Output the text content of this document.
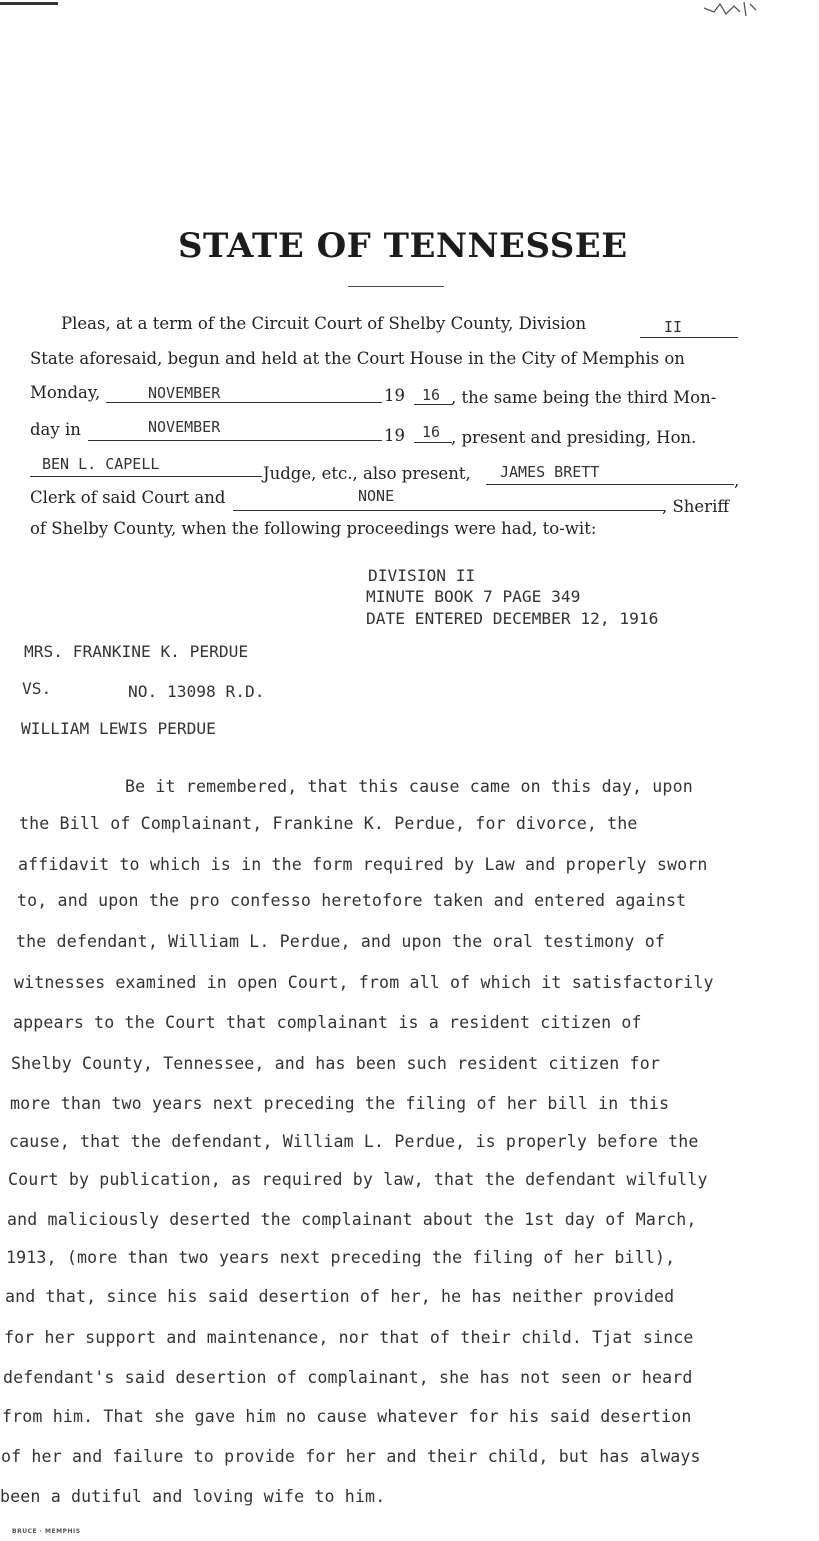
STATE OF TENNESSEE
Pleas, at a term of the Circuit Court of Shelby County, Division	II
State aforesaid, begun and held at the Court House in the City of Memphis on
Monday,	NOVEMBER	19 16 , the same being the third Mon-
day in	NOVEMBER	19 16 , present and presiding, Hon.
BEN L. CAPELL	Judge, etc., also present, JAMES BRETT	,
Clerk of said Court and	NONE
, Sheriff
of Shelby County, when the following proceedings were had, to-wit:
DIVISION II
MINUTE BOOK 7 PAGE 349
DATE ENTERED DECEMBER 12, 1916
MRS. FRANKINE K. PERDUE
VS.	NO. 13098 R.D.
WILLIAM LEWIS PERDUE
Be it remembered, that this cause came on this day, upon
the Bill of Complainant, Frankine K. Perdue, for divorce, the
affidavit to which is in the form required by Law and properly sworn
to, and upon the pro confesso heretofore taken and entered against
the defendant, William L. Perdue, and upon the oral testimony of
witnesses examined in open Court, from all of which it satisfactorily
appears to the Court that complainant is a resident citizen of
Shelby County, Tennessee, and has been such resident citizen for
more than two years next preceding the filing of her bill in this
cause, that the defendant, William L. Perdue, is properly before the
Court by publication, as required by law, that the defendant wilfully
and maliciously deserted the complainant about the 1st day of March,
1913, (more than two years next preceding the filing of her bill),
and that, since his said desertion of her, he has neither provided
for her support and maintenance, nor that of their child. Tjat since
defendant's said desertion of complainant, she has not seen or heard
from him. That she gave him no cause whatever for his said desertion
of her and failure to provide for her and their child, but has always
been a dutiful and loving wife to him.
BRUCE · MEMPHIS
